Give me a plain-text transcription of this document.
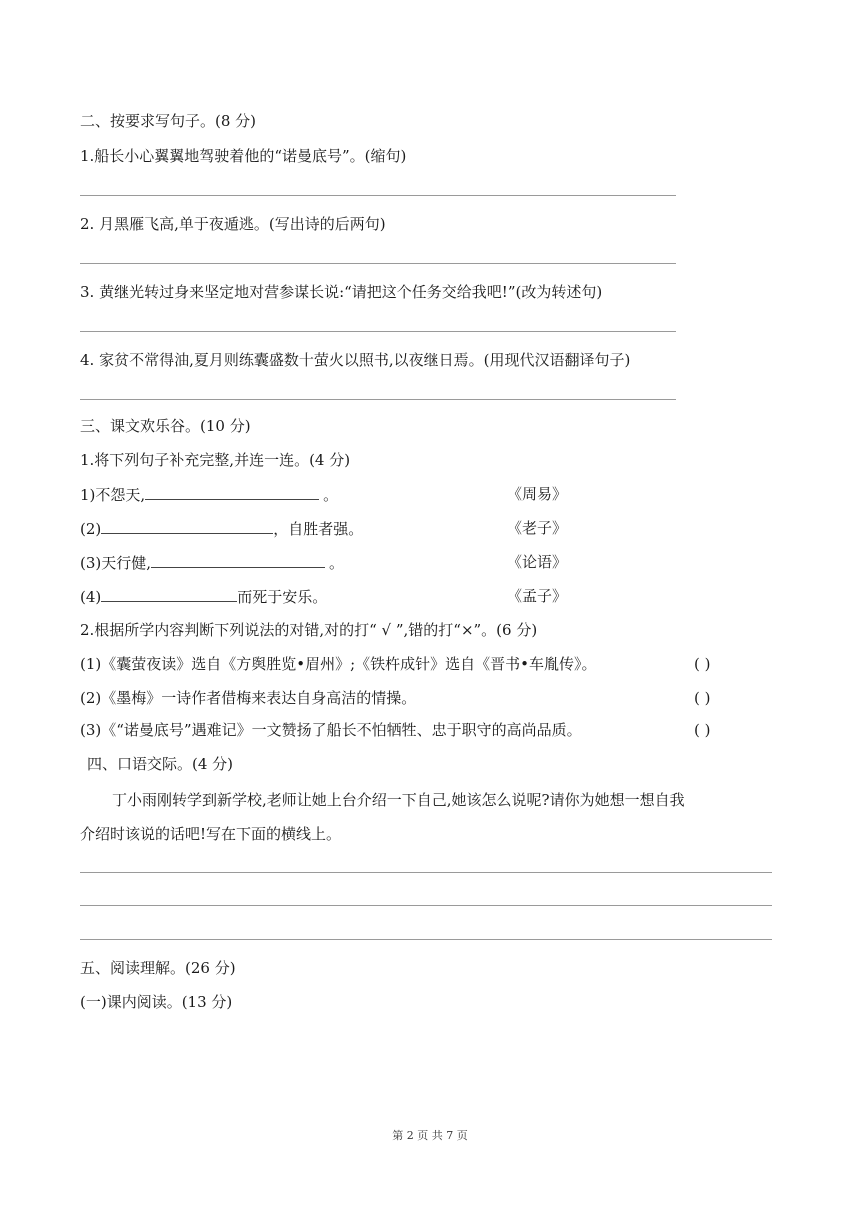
二、按要求写句子。(8 分)
1.船长小心翼翼地驾驶着他的“诺曼底号”。(缩句)
2. 月黑雁飞高,单于夜遁逃。(写出诗的后两句)
3. 黄继光转过身来坚定地对营参谋长说:“请把这个任务交给我吧!”(改为转述句)
4. 家贫不常得油,夏月则练囊盛数十萤火以照书,以夜继日焉。(用现代汉语翻译句子)
三、课文欢乐谷。(10 分)
1.将下列句子补充完整,并连一连。(4 分)
1)不怨天,	。	《周易》
(2)	，自胜者强。	《老子》
(3)天行健,	。	《论语》
(4)	而死于安乐。	《孟子》
2.根据所学内容判断下列说法的对错,对的打“ √ ”,错的打“×”。(6 分)
(1)《囊萤夜读》选自《方舆胜览•眉州》;《铁杵成针》选自《晋书•车胤传》。	( )
(2)《墨梅》一诗作者借梅来表达自身高洁的情操。	( )
(3)《“诺曼底号”遇难记》一文赞扬了船长不怕牺牲、忠于职守的高尚品质。	( )
四、口语交际。(4 分)
丁小雨刚转学到新学校,老师让她上台介绍一下自己,她该怎么说呢?请你为她想一想自我
介绍时该说的话吧!写在下面的横线上。
五、阅读理解。(26 分)
(一)课内阅读。(13 分)
第 2 页 共 7 页
